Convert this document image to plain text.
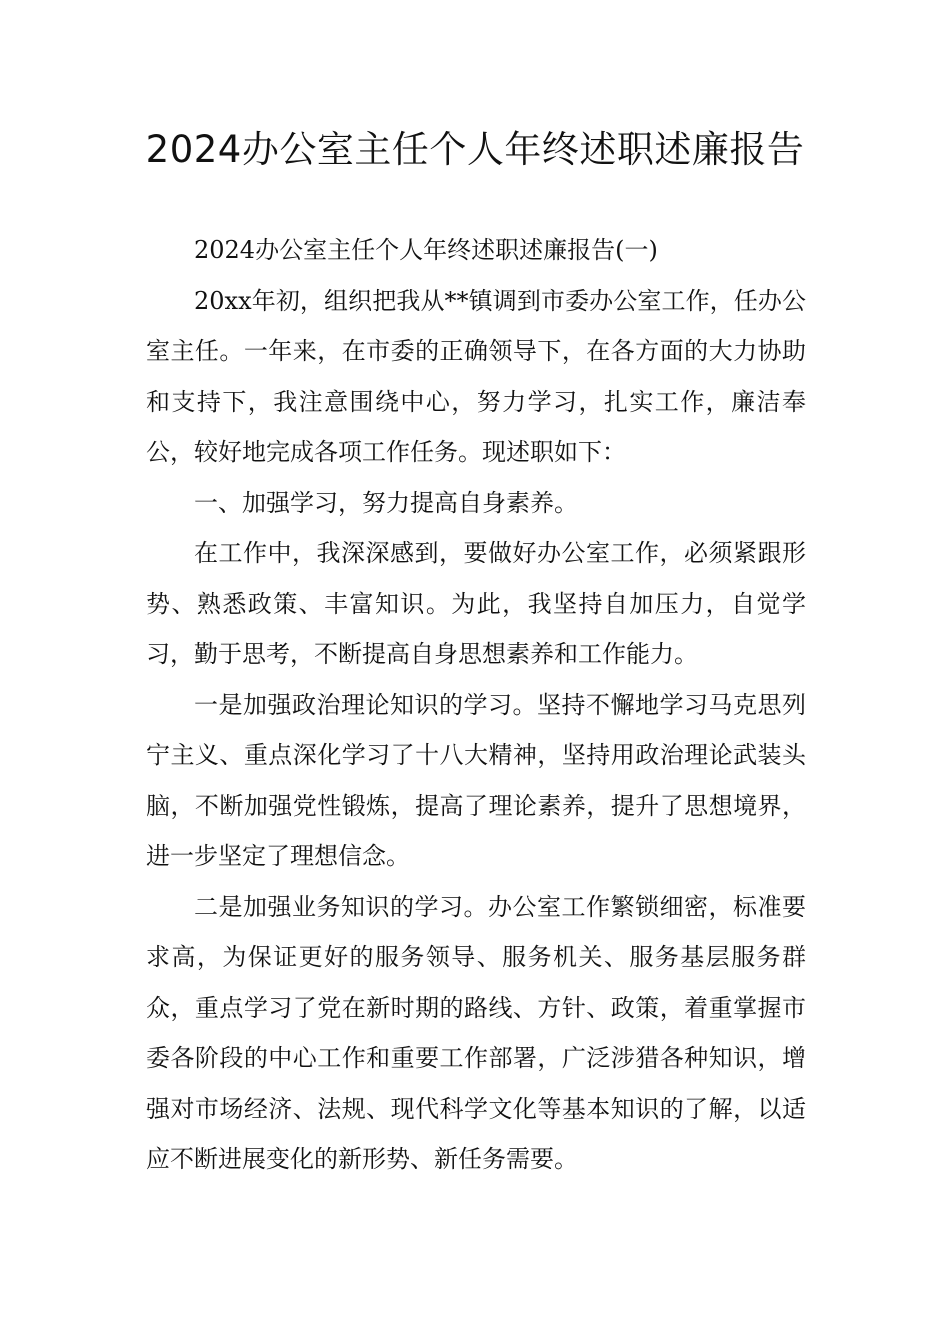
2024办公室主任个人年终述职述廉报告

2024办公室主任个人年终述职述廉报告(一)

20xx年初，组织把我从**镇调到市委办公室工作，任办公室主任。一年来，在市委的正确领导下，在各方面的大力协助和支持下，我注意围绕中心，努力学习，扎实工作，廉洁奉公，较好地完成各项工作任务。现述职如下：

一、加强学习，努力提高自身素养。

在工作中，我深深感到，要做好办公室工作，必须紧跟形势、熟悉政策、丰富知识。为此，我坚持自加压力，自觉学习，勤于思考，不断提高自身思想素养和工作能力。

一是加强政治理论知识的学习。坚持不懈地学习马克思列宁主义、重点深化学习了十八大精神，坚持用政治理论武装头脑，不断加强党性锻炼，提高了理论素养，提升了思想境界，进一步坚定了理想信念。

二是加强业务知识的学习。办公室工作繁锁细密，标准要求高，为保证更好的服务领导、服务机关、服务基层服务群众，重点学习了党在新时期的路线、方针、政策，着重掌握市委各阶段的中心工作和重要工作部署，广泛涉猎各种知识，增强对市场经济、法规、现代科学文化等基本知识的了解，以适应不断进展变化的新形势、新任务需要。
